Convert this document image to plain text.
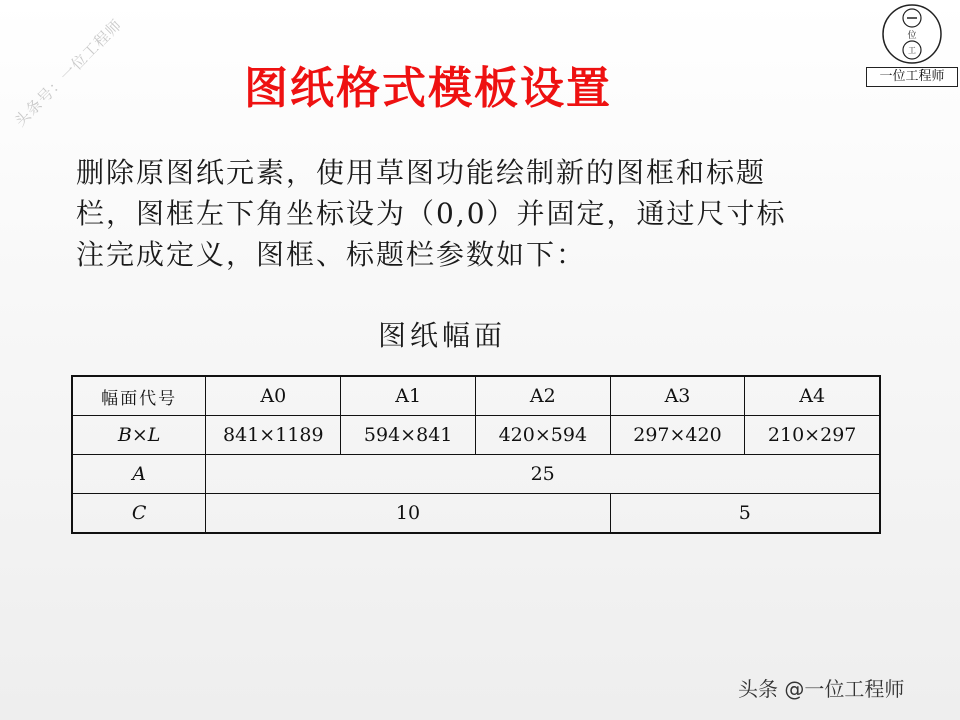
头条号：一位工程师	位
工
一位工程师
图纸格式模板设置
删除原图纸元素，使用草图功能绘制新的图框和标题
栏，图框左下角坐标设为（0,0）并固定，通过尺寸标
注完成定义，图框、标题栏参数如下：
图纸幅面
幅面代号	A0	A1	A2	A3	A4
B×L	841×1189	594×841	420×594	297×420	210×297
A	25				
C	10			5	
头条 @一位工程师
